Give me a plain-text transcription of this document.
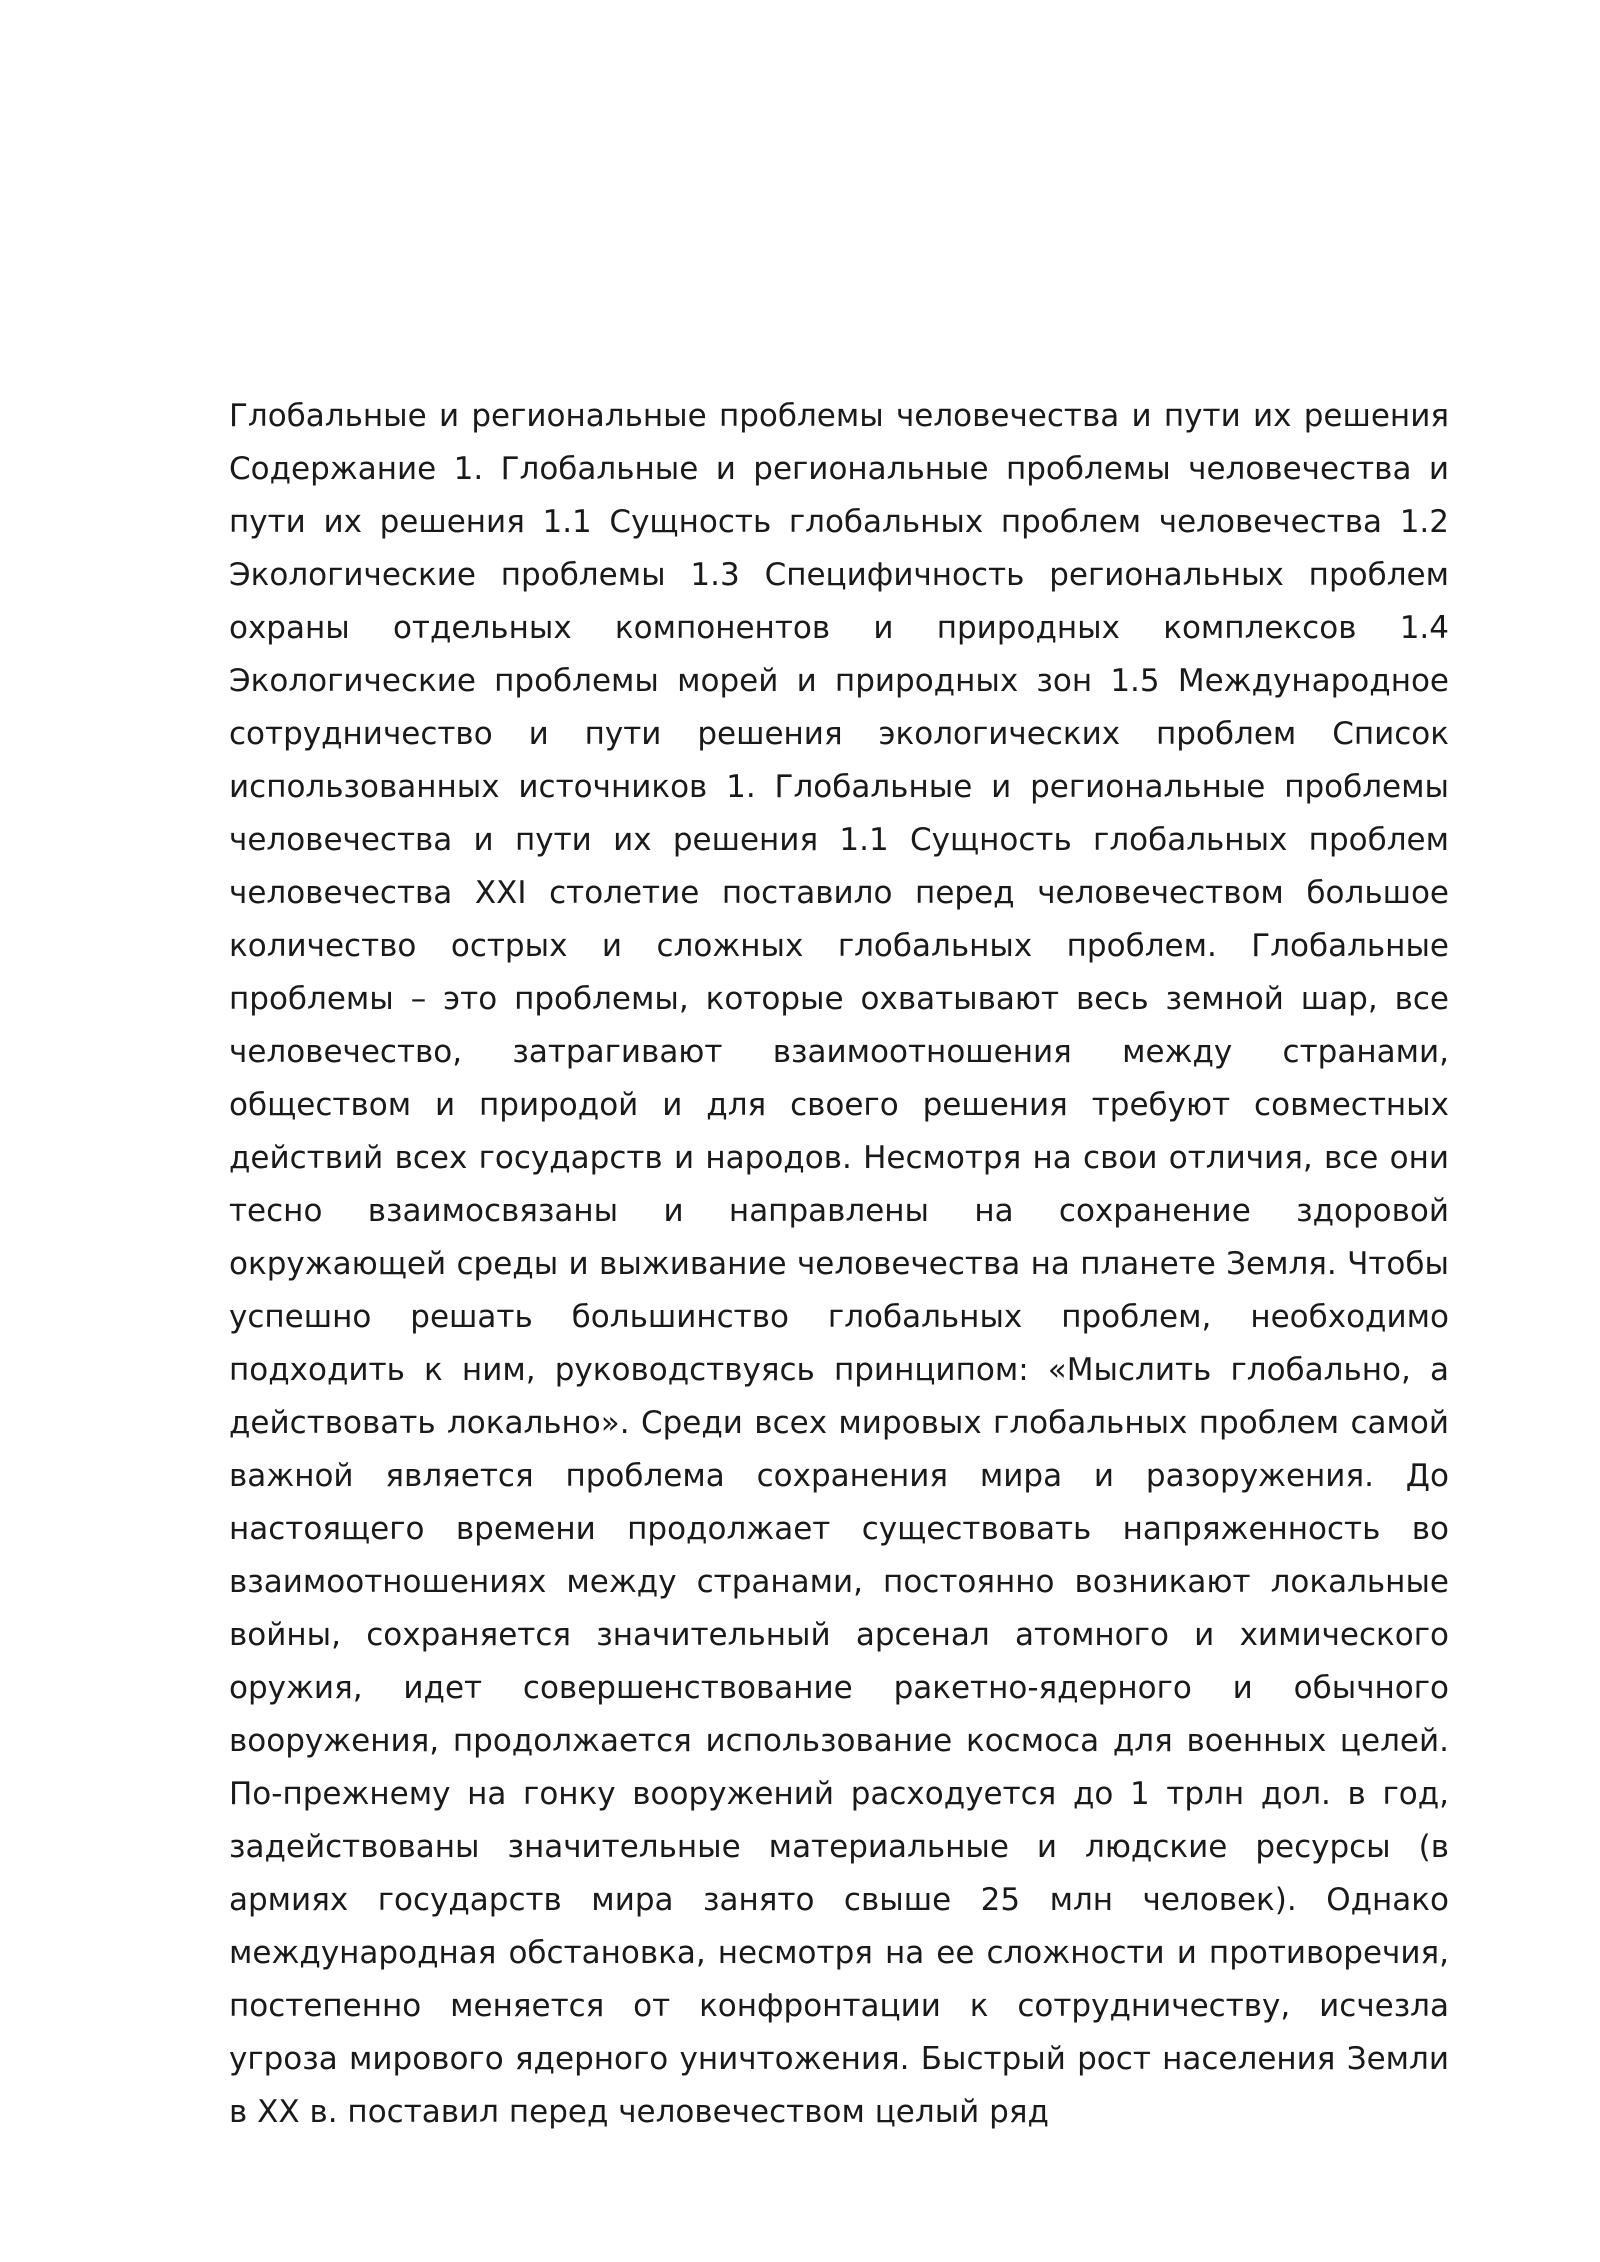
Глобальные и региональные проблемы человечества и пути их решения Содержание 1. Глобальные и региональные проблемы человечества и пути их решения 1.1 Сущность глобальных проблем человечества 1.2 Экологические проблемы 1.3 Специфичность региональных проблем охраны отдельных компонентов и природных комплексов 1.4 Экологические проблемы морей и природных зон 1.5 Международное сотрудничество и пути решения экологических проблем Список использованных источников 1. Глобальные и региональные проблемы человечества и пути их решения 1.1 Сущность глобальных проблем человечества XXI столетие поставило перед человечеством большое количество острых и сложных глобальных проблем. Глобальные проблемы – это проблемы, которые охватывают весь земной шар, все человечество, затрагивают взаимоотношения между странами, обществом и природой и для своего решения требуют совместных действий всех государств и народов. Несмотря на свои отличия, все они тесно взаимосвязаны и направлены на сохранение здоровой окружающей среды и выживание человечества на планете Земля. Чтобы успешно решать большинство глобальных проблем, необходимо подходить к ним, руководствуясь принципом: «Мыслить глобально, а действовать локально». Среди всех мировых глобальных проблем самой важной является проблема сохранения мира и разоружения. До настоящего времени продолжает существовать напряженность во взаимоотношениях между странами, постоянно возникают локальные войны, сохраняется значительный арсенал атомного и химического оружия, идет совершенствование ракетно-ядерного и обычного вооружения, продолжается использование космоса для военных целей. По-прежнему на гонку вооружений расходуется до 1 трлн дол. в год, задействованы значительные материальные и людские ресурсы (в армиях государств мира занято свыше 25 млн человек). Однако международная обстановка, несмотря на ее сложности и противоречия, постепенно меняется от конфронтации к сотрудничеству, исчезла угроза мирового ядерного уничтожения. Быстрый рост населения Земли в XX в. поставил перед человечеством целый ряд
